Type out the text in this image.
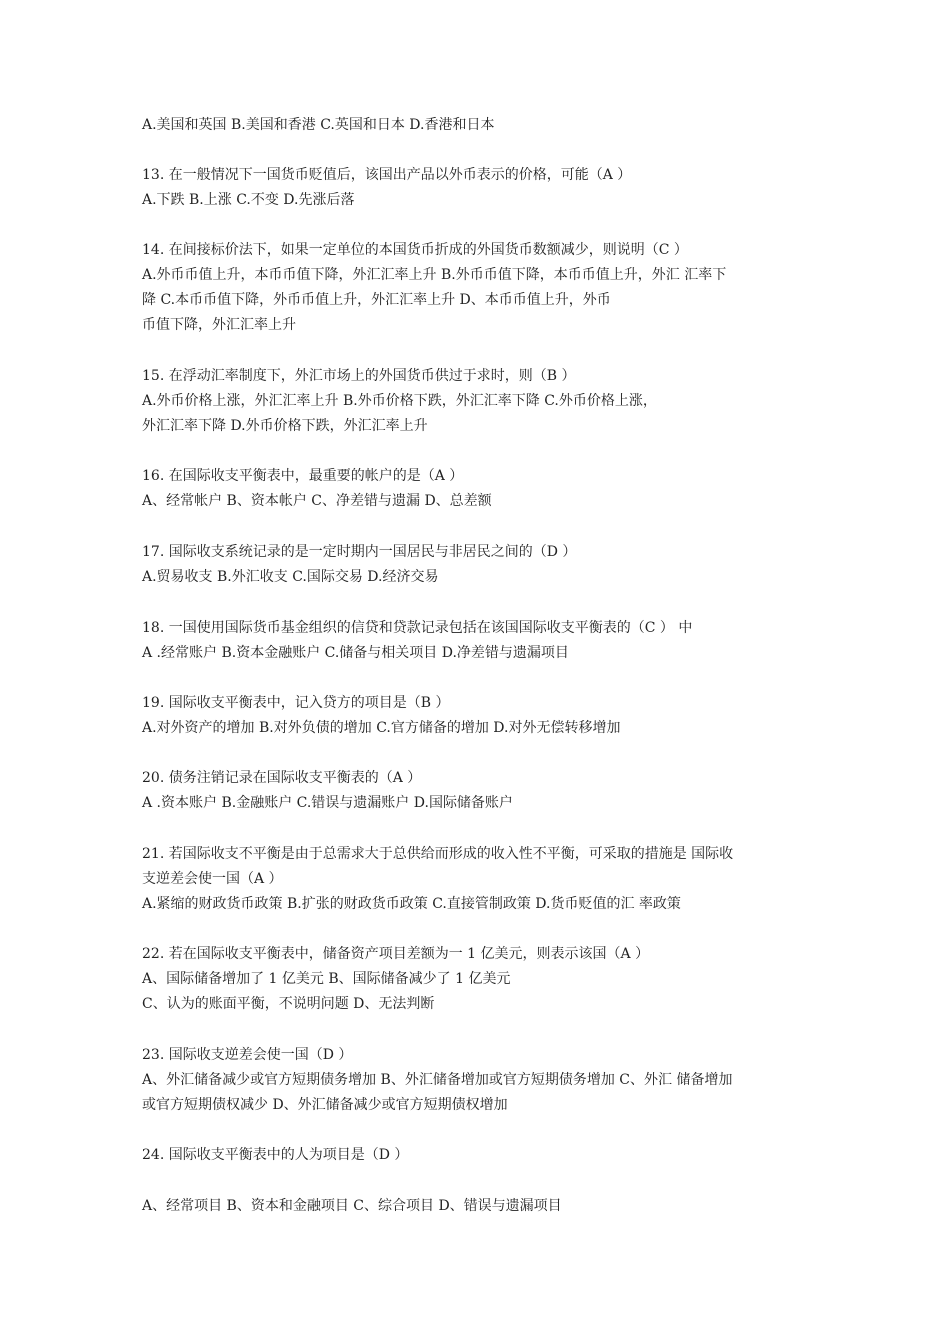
A.美国和英国 B.美国和香港 C.英国和日本 D.香港和日本
13. 在一般情况下一国货币贬值后，该国出产品以外币表示的价格，可能（A ）
A.下跌 B.上涨 C.不变 D.先涨后落
14. 在间接标价法下，如果一定单位的本国货币折成的外国货币数额减少，则说明（C ）
A.外币币值上升，本币币值下降，外汇汇率上升 B.外币币值下降，本币币值上升，外汇 汇率下
降 C.本币币值下降，外币币值上升，外汇汇率上升 D、本币币值上升，外币
币值下降，外汇汇率上升
15. 在浮动汇率制度下，外汇市场上的外国货币供过于求时，则（B ）
A.外币价格上涨，外汇汇率上升 B.外币价格下跌，外汇汇率下降 C.外币价格上涨，
外汇汇率下降 D.外币价格下跌，外汇汇率上升
16. 在国际收支平衡表中，最重要的帐户的是（A ）
A、经常帐户 B、资本帐户 C、净差错与遗漏 D、总差额
17. 国际收支系统记录的是一定时期内一国居民与非居民之间的（D ）
A.贸易收支 B.外汇收支 C.国际交易 D.经济交易
18. 一国使用国际货币基金组织的信贷和贷款记录包括在该国国际收支平衡表的（C ） 中
A .经常账户 B.资本金融账户 C.储备与相关项目 D.净差错与遗漏项目
19. 国际收支平衡表中，记入贷方的项目是（B ）
A.对外资产的增加 B.对外负债的增加 C.官方储备的增加 D.对外无偿转移增加
20. 债务注销记录在国际收支平衡表的（A ）
A .资本账户 B.金融账户 C.错误与遗漏账户 D.国际储备账户
21. 若国际收支不平衡是由于总需求大于总供给而形成的收入性不平衡，可采取的措施是 国际收
支逆差会使一国（A ）
A.紧缩的财政货币政策 B.扩张的财政货币政策 C.直接管制政策 D.货币贬值的汇 率政策
22. 若在国际收支平衡表中，储备资产项目差额为一 1 亿美元，则表示该国（A ）
A、国际储备增加了 1 亿美元 B、国际储备减少了 1 亿美元
C、认为的账面平衡，不说明问题 D、无法判断
23. 国际收支逆差会使一国（D ）
A、外汇储备减少或官方短期债务增加 B、外汇储备增加或官方短期债务增加 C、外汇 储备增加
或官方短期债权减少 D、外汇储备减少或官方短期债权增加
24. 国际收支平衡表中的人为项目是（D ）
A、经常项目 B、资本和金融项目 C、综合项目 D、错误与遗漏项目
